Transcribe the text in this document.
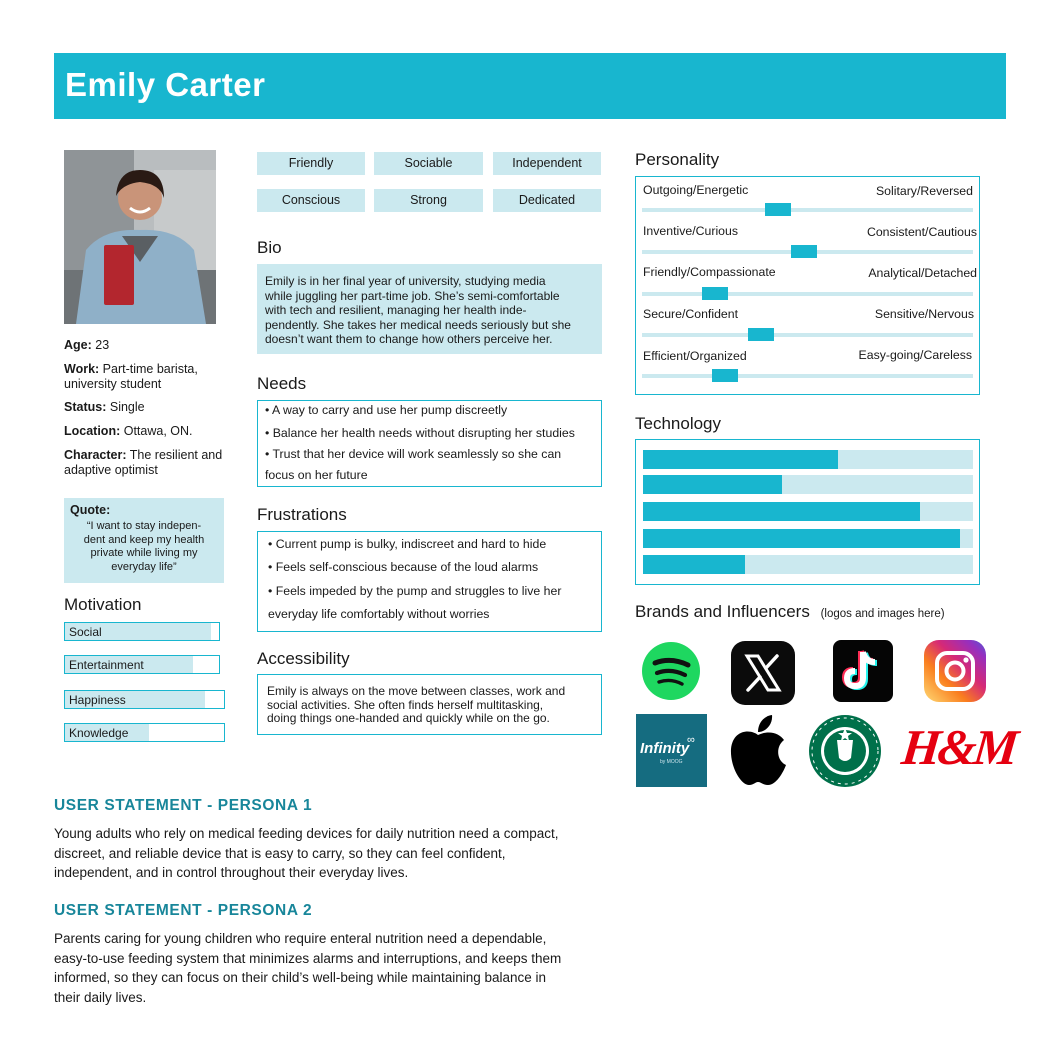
Emily Carter
Age: 23
Work: Part-time barista, university student
Status: Single
Location: Ottawa, ON.
Character: The resilient and adaptive optimist
Quote:
“I want to stay indepen-
dent and keep my health
private while living my
everyday life”
Motivation
Social
Entertainment
Happiness
Knowledge
Friendly	Sociable	Independent
Conscious	Strong	Dedicated
Bio
Emily is in her final year of university, studying media
while juggling her part-time job. She’s semi-comfortable
with tech and resilient, managing her health inde-
pendently. She takes her medical needs seriously but she
doesn’t want them to change how others perceive her.
Needs
• A way to carry and use her pump discreetly
• Balance her health needs without disrupting her studies
• Trust that her device will work seamlessly so she can
focus on her future
Frustrations
• Current pump is bulky, indiscreet and hard to hide
• Feels self-conscious because of the loud alarms
• Feels impeded by the pump and struggles to live her
everyday life comfortably without worries
Accessibility
Emily is always on the move between classes, work and
social activities. She often finds herself multitasking,
doing things one-handed and quickly while on the go.
Personality
Outgoing/Energetic	Solitary/Reversed
Inventive/Curious	Consistent/Cautious
Friendly/Compassionate	Analytical/Detached
Secure/Confident	Sensitive/Nervous
Efficient/Organized	Easy-going/Careless
Technology
Brands and Influencers (logos and images here)
Infinity
∞
by MOOG	H&M
USER STATEMENT - PERSONA 1
Young adults who rely on medical feeding devices for daily nutrition need a compact,
discreet, and reliable device that is easy to carry, so they can feel confident,
independent, and in control throughout their everyday lives.
USER STATEMENT - PERSONA 2
Parents caring for young children who require enteral nutrition need a dependable,
easy-to-use feeding system that minimizes alarms and interruptions, and keeps them
informed, so they can focus on their child’s well-being while maintaining balance in
their daily lives.
